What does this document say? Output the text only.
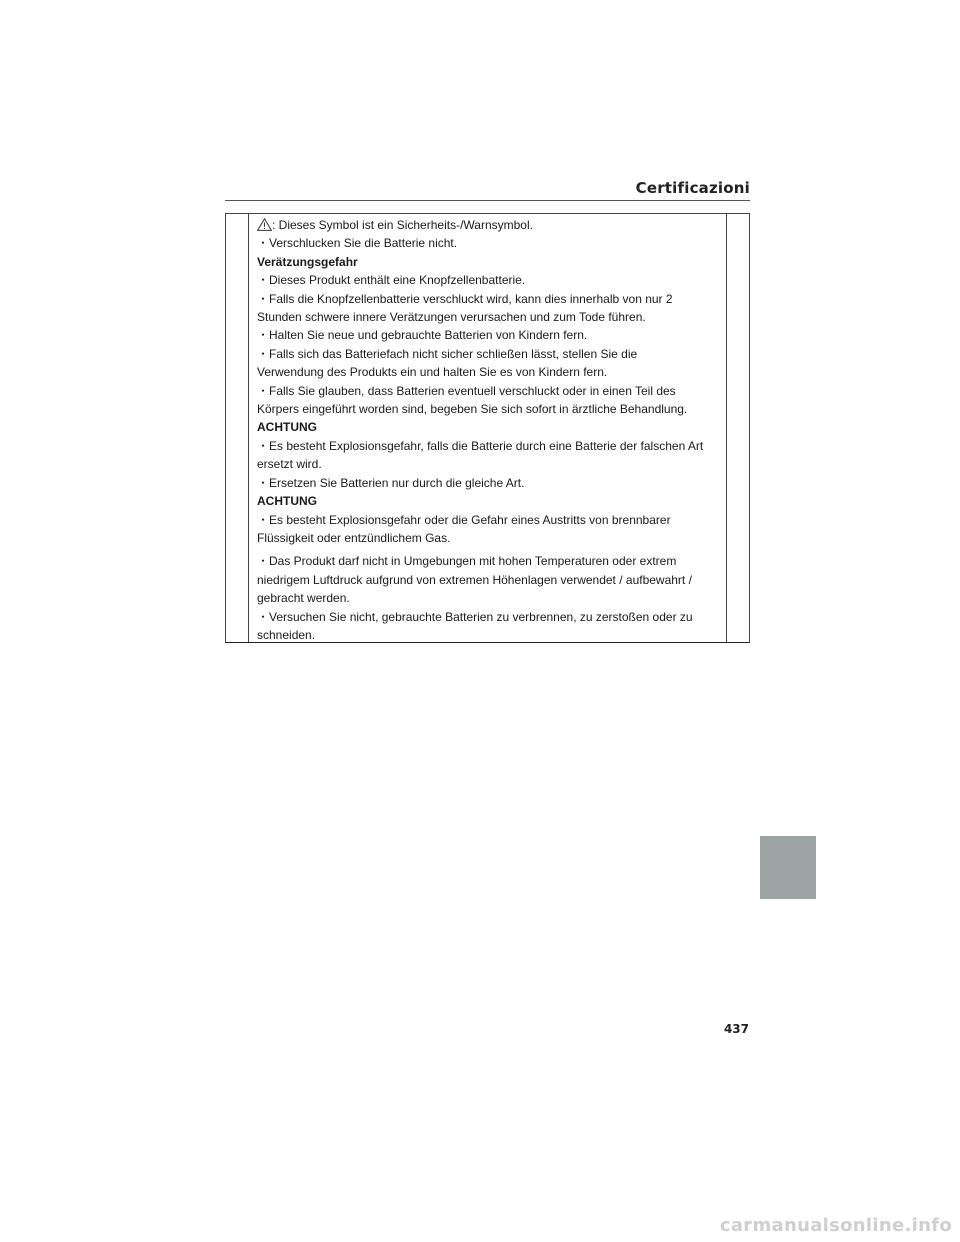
Certificazioni
: Dieses Symbol ist ein Sicherheits-/Warnsymbol.
・Verschlucken Sie die Batterie nicht.
Verätzungsgefahr
・Dieses Produkt enthält eine Knopfzellenbatterie.
・Falls die Knopfzellenbatterie verschluckt wird, kann dies innerhalb von nur 2
Stunden schwere innere Verätzungen verursachen und zum Tode führen.
・Halten Sie neue und gebrauchte Batterien von Kindern fern.
・Falls sich das Batteriefach nicht sicher schließen lässt, stellen Sie die
Verwendung des Produkts ein und halten Sie es von Kindern fern.
・Falls Sie glauben, dass Batterien eventuell verschluckt oder in einen Teil des
Körpers eingeführt worden sind, begeben Sie sich sofort in ärztliche Behandlung.
ACHTUNG
・Es besteht Explosionsgefahr, falls die Batterie durch eine Batterie der falschen Art
ersetzt wird.
・Ersetzen Sie Batterien nur durch die gleiche Art.
ACHTUNG
・Es besteht Explosionsgefahr oder die Gefahr eines Austritts von brennbarer
Flüssigkeit oder entzündlichem Gas.
・Das Produkt darf nicht in Umgebungen mit hohen Temperaturen oder extrem
niedrigem Luftdruck aufgrund von extremen Höhenlagen verwendet / aufbewahrt /
gebracht werden.
・Versuchen Sie nicht, gebrauchte Batterien zu verbrennen, zu zerstoßen oder zu
schneiden.
437
carmanualsonline.info
